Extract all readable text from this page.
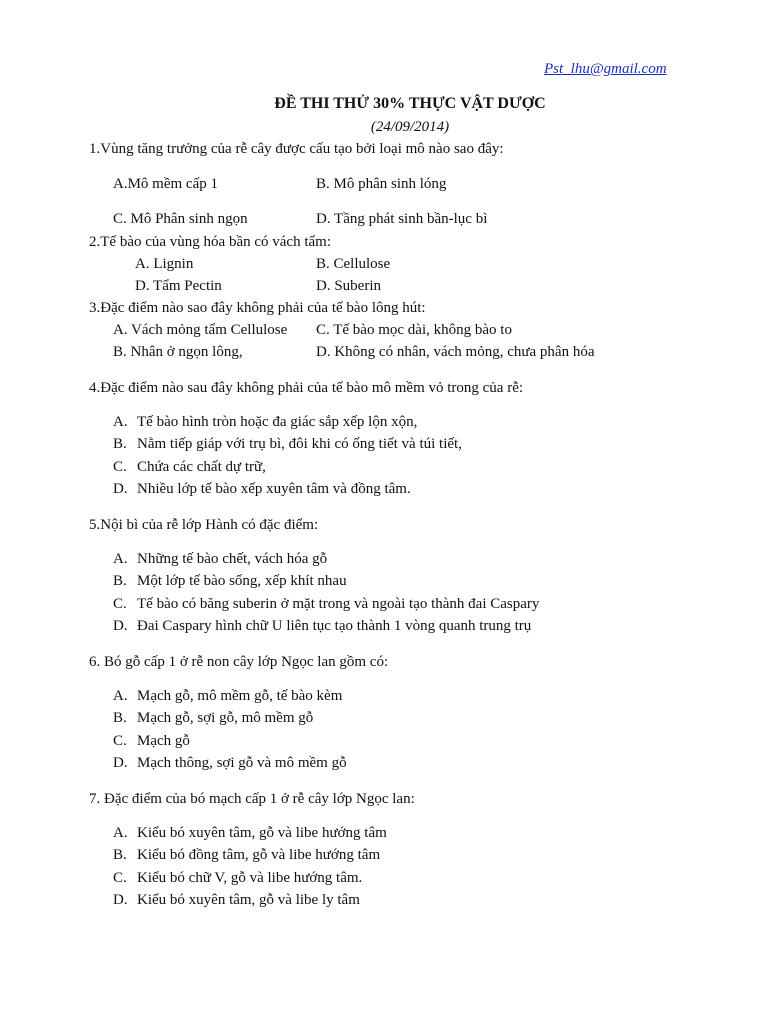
Pst_lhu@gmail.com
ĐỀ THI THỬ 30% THỰC VẬT DƯỢC
(24/09/2014)
1.Vùng tăng trưởng của rễ cây được cấu tạo bởi loại mô nào sao đây:
A.Mô mềm cấp 1	B. Mô phân sinh lóng
C. Mô Phân sinh ngọn	D. Tầng phát sinh bần-lục bì
2.Tế bào của vùng hóa bần có vách tẩm:
A. Lignin	B. Cellulose
D. Tẩm Pectin	D. Suberin
3.Đặc điểm nào sao đây không phải của tế bào lông hút:
A. Vách mỏng tẩm Cellulose C. Tế bào mọc dài, không bào to
B. Nhân ở ngọn lông,	D. Không có nhân, vách mỏng, chưa phân hóa
4.Đặc điểm nào sau đây không phải của tế bào mô mềm vỏ trong của rễ:
A. Tế bào hình tròn hoặc đa giác sắp xếp lộn xộn,
B. Nằm tiếp giáp với trụ bì, đôi khi có ống tiết và túi tiết,
C. Chứa các chất dự trữ,
D. Nhiều lớp tế bào xếp xuyên tâm và đồng tâm.
5.Nội bì của rễ lớp Hành có đặc điểm:
A. Những tế bào chết, vách hóa gỗ
B. Một lớp tế bào sống, xếp khít nhau
C. Tế bào có băng suberin ở mặt trong và ngoài tạo thành đai Caspary
D. Đai Caspary hình chữ U liên tục tạo thành 1 vòng quanh trung trụ
6. Bó gỗ cấp 1 ở rễ non cây lớp Ngọc lan gồm có:
A. Mạch gỗ, mô mềm gỗ, tế bào kèm
B. Mạch gỗ, sợi gỗ, mô mềm gỗ
C. Mạch gỗ
D. Mạch thông, sợi gỗ và mô mềm gỗ
7. Đặc điểm của bó mạch cấp 1 ở rễ cây lớp Ngọc lan:
A. Kiểu bó xuyên tâm, gỗ và libe hướng tâm
B. Kiểu bó đồng tâm, gỗ và libe hướng tâm
C. Kiểu bó chữ V, gỗ và libe hướng tâm.
D. Kiểu bó xuyên tâm, gỗ và libe ly tâm
